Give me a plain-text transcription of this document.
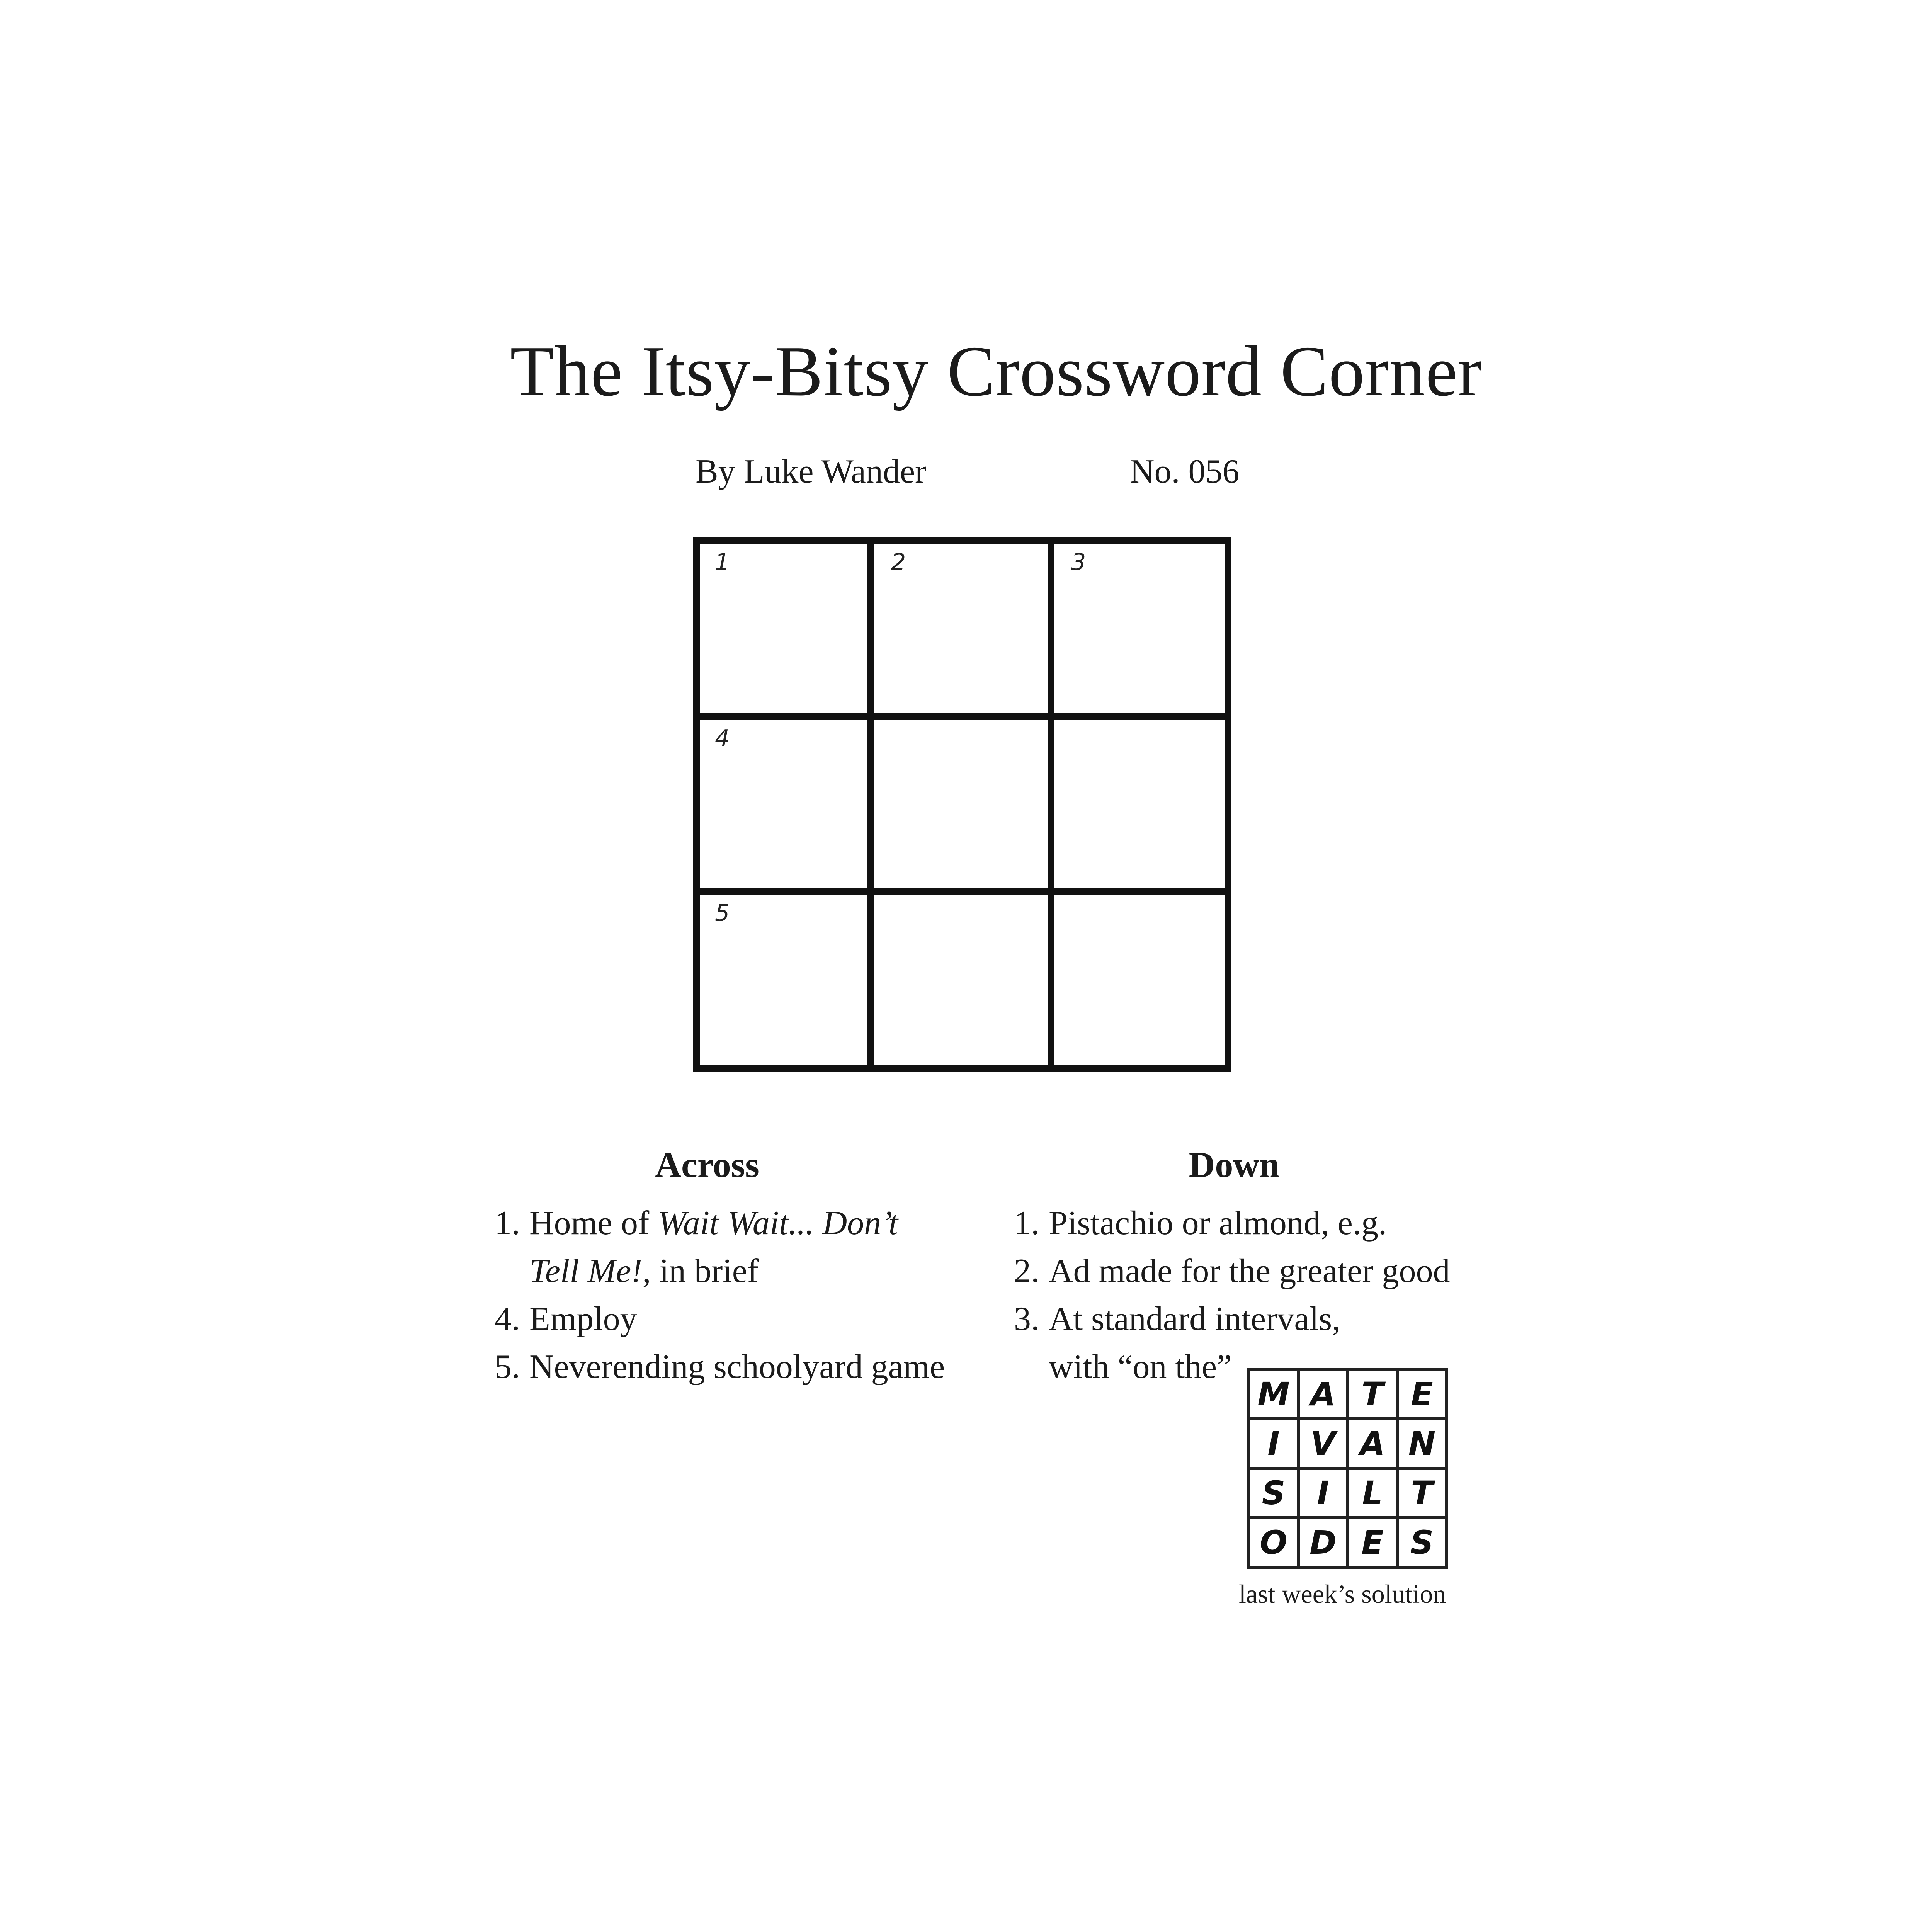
The Itsy-Bitsy Crossword Corner
By Luke Wander	No. 056
1	2	3
4
5
Across
1. Home of Wait Wait... Don’t
Tell Me!, in brief
4. Employ
5. Neverending schoolyard game
Down
1. Pistachio or almond, e.g.
2. Ad made for the greater good
3. At standard intervals,
with “on the”
M A T E
I V A N
S I	L T
O D E S
last week’s solution
